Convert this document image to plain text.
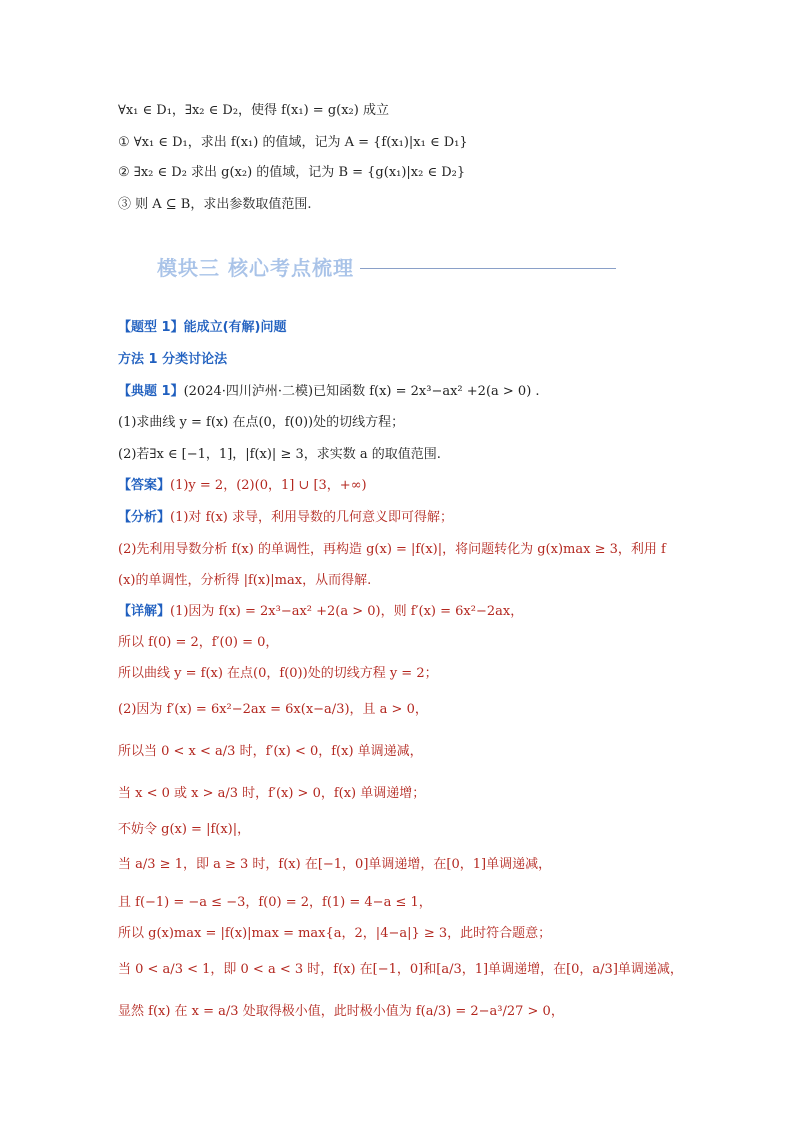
∀x₁ ∈ D₁，∃x₂ ∈ D₂，使得 f(x₁) = g(x₂) 成立
① ∀x₁ ∈ D₁，求出 f(x₁) 的值域，记为 A = {f(x₁)|x₁ ∈ D₁}
② ∃x₂ ∈ D₂ 求出 g(x₂) 的值域，记为 B = {g(x₁)|x₂ ∈ D₂}
③ 则 A ⊆ B，求出参数取值范围.
模块三 核心考点梳理
【题型 1】能成立(有解)问题
方法 1 分类讨论法
【典题 1】(2024·四川泸州·二模)已知函数 f(x) = 2x³−ax² +2(a > 0) .
(1)求曲线 y = f(x) 在点(0，f(0))处的切线方程；
(2)若∃x ∈ [−1，1]，|f(x)| ≥ 3，求实数 a 的取值范围.
【答案】(1)y = 2，(2)(0，1] ∪ [3，+∞)
【分析】(1)对 f(x) 求导，利用导数的几何意义即可得解；
(2)先利用导数分析 f(x) 的单调性，再构造 g(x) = |f(x)|，将问题转化为 g(x)max ≥ 3，利用 f
(x)的单调性，分析得 |f(x)|max，从而得解.
【详解】(1)因为 f(x) = 2x³−ax² +2(a > 0)，则 f′(x) = 6x²−2ax，
所以 f(0) = 2，f′(0) = 0，
所以曲线 y = f(x) 在点(0，f(0))处的切线方程 y = 2；
(2)因为 f′(x) = 6x²−2ax = 6x(x−a/3)，且 a > 0，
所以当 0 < x < a/3 时，f′(x) < 0，f(x) 单调递减，
当 x < 0 或 x > a/3 时，f′(x) > 0，f(x) 单调递增；
不妨令 g(x) = |f(x)|，
当 a/3 ≥ 1，即 a ≥ 3 时，f(x) 在[−1，0]单调递增，在[0，1]单调递减，
且 f(−1) = −a ≤ −3，f(0) = 2，f(1) = 4−a ≤ 1，
所以 g(x)max = |f(x)|max = max{a，2，|4−a|} ≥ 3，此时符合题意；
当 0 < a/3 < 1，即 0 < a < 3 时，f(x) 在[−1，0]和[a/3，1]单调递增，在[0，a/3]单调递减，
显然 f(x) 在 x = a/3 处取得极小值，此时极小值为 f(a/3) = 2−a³/27 > 0，
